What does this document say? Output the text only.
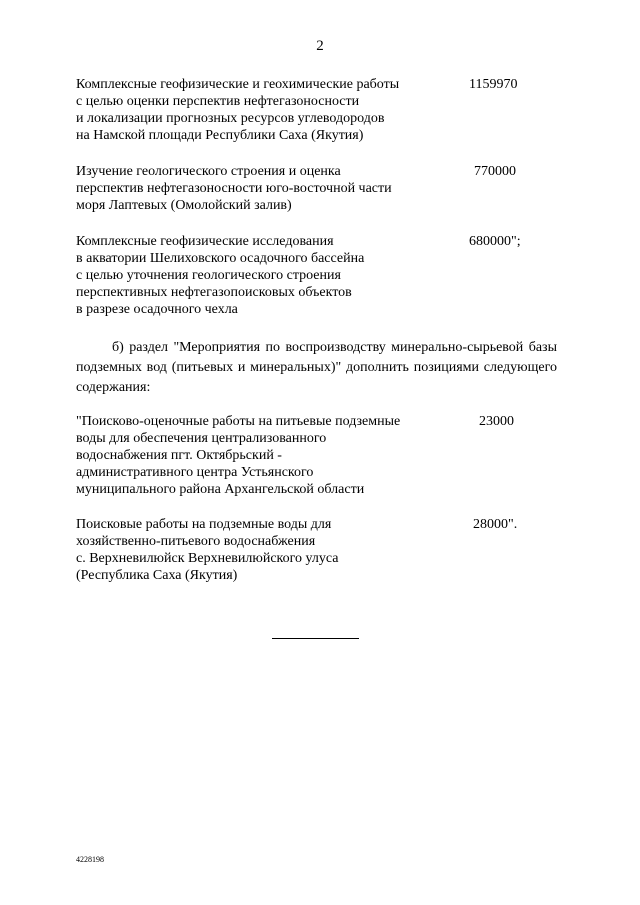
2
Комплексные геофизические и геохимические работы
с целью оценки перспектив нефтегазоносности
и локализации прогнозных ресурсов углеводородов
на Намской площади Республики Саха (Якутия)
1159970
Изучение геологического строения и оценка
перспектив нефтегазоносности юго-восточной части
моря Лаптевых (Омолойский залив)
770000
Комплексные геофизические исследования
в акватории Шелиховского осадочного бассейна
с целью уточнения геологического строения
перспективных нефтегазопоисковых объектов
в разрезе осадочного чехла
680000";
б) раздел "Мероприятия по воспроизводству минерально-сырьевой базы подземных вод (питьевых и минеральных)" дополнить позициями следующего содержания:
"Поисково-оценочные работы на питьевые подземные
воды для обеспечения централизованного
водоснабжения пгт. Октябрьский -
административного центра Устьянского
муниципального района Архангельской области
23000
Поисковые работы на подземные воды для
хозяйственно-питьевого водоснабжения
с. Верхневилюйск Верхневилюйского улуса
(Республика Саха (Якутия)
28000".
4228198
